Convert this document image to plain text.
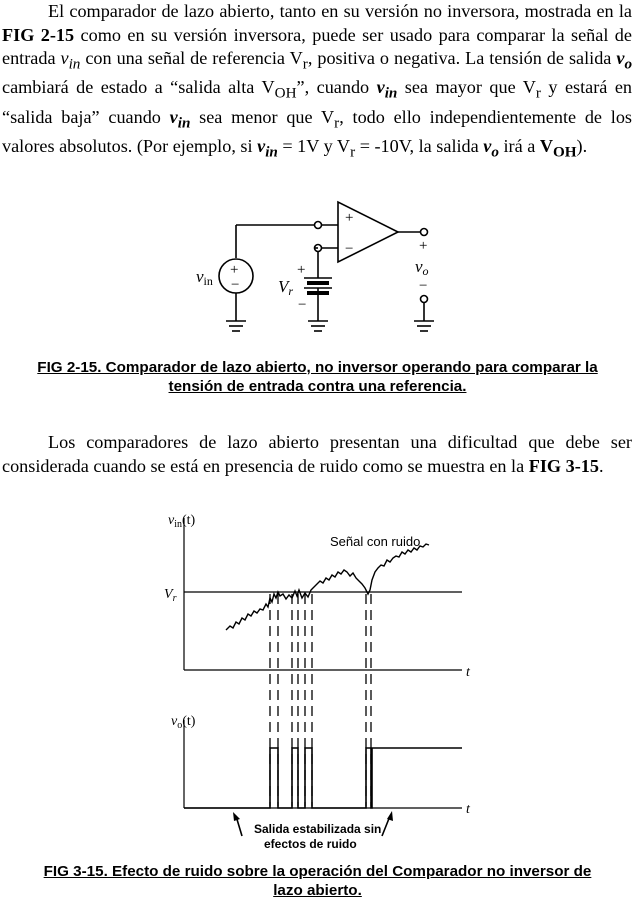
El comparador de lazo abierto, tanto en su versión no inversora, mostrada en la FIG 2-15 como en su versión inversora, puede ser usado para comparar la señal de entrada $v_{in}$ con una señal de referencia $V_r$, positiva o negativa. La tensión de salida $v_o$ cambiará de estado a “salida alta $V_{OH}$”, cuando $v_{in}$ sea mayor que $V_r$ y estará en “salida baja” cuando $v_{in}$ sea menor que $V_r$, todo ello independientemente de los valores absolutos. (Por ejemplo, si $v_{in} = 1V$ y $V_r = -10V$, la salida $v_o$ irá a $V_{OH}$).
+
−
+
−
+
−
+
−
vin	Vr
vo
FIG 2-15. Comparador de lazo abierto, no inversor operando para comparar la
tensión de entrada contra una referencia.
Los comparadores de lazo abierto presentan una dificultad que debe ser considerada cuando se está en presencia de ruido como se muestra en la FIG 3-15.
$v_{in}(t)$
$V_r$
t
$v_o(t)$
t
Señal con ruido
Salida estabilizada sin
efectos de ruido
FIG 3-15. Efecto de ruido sobre la operación del Comparador no inversor de
lazo abierto.
